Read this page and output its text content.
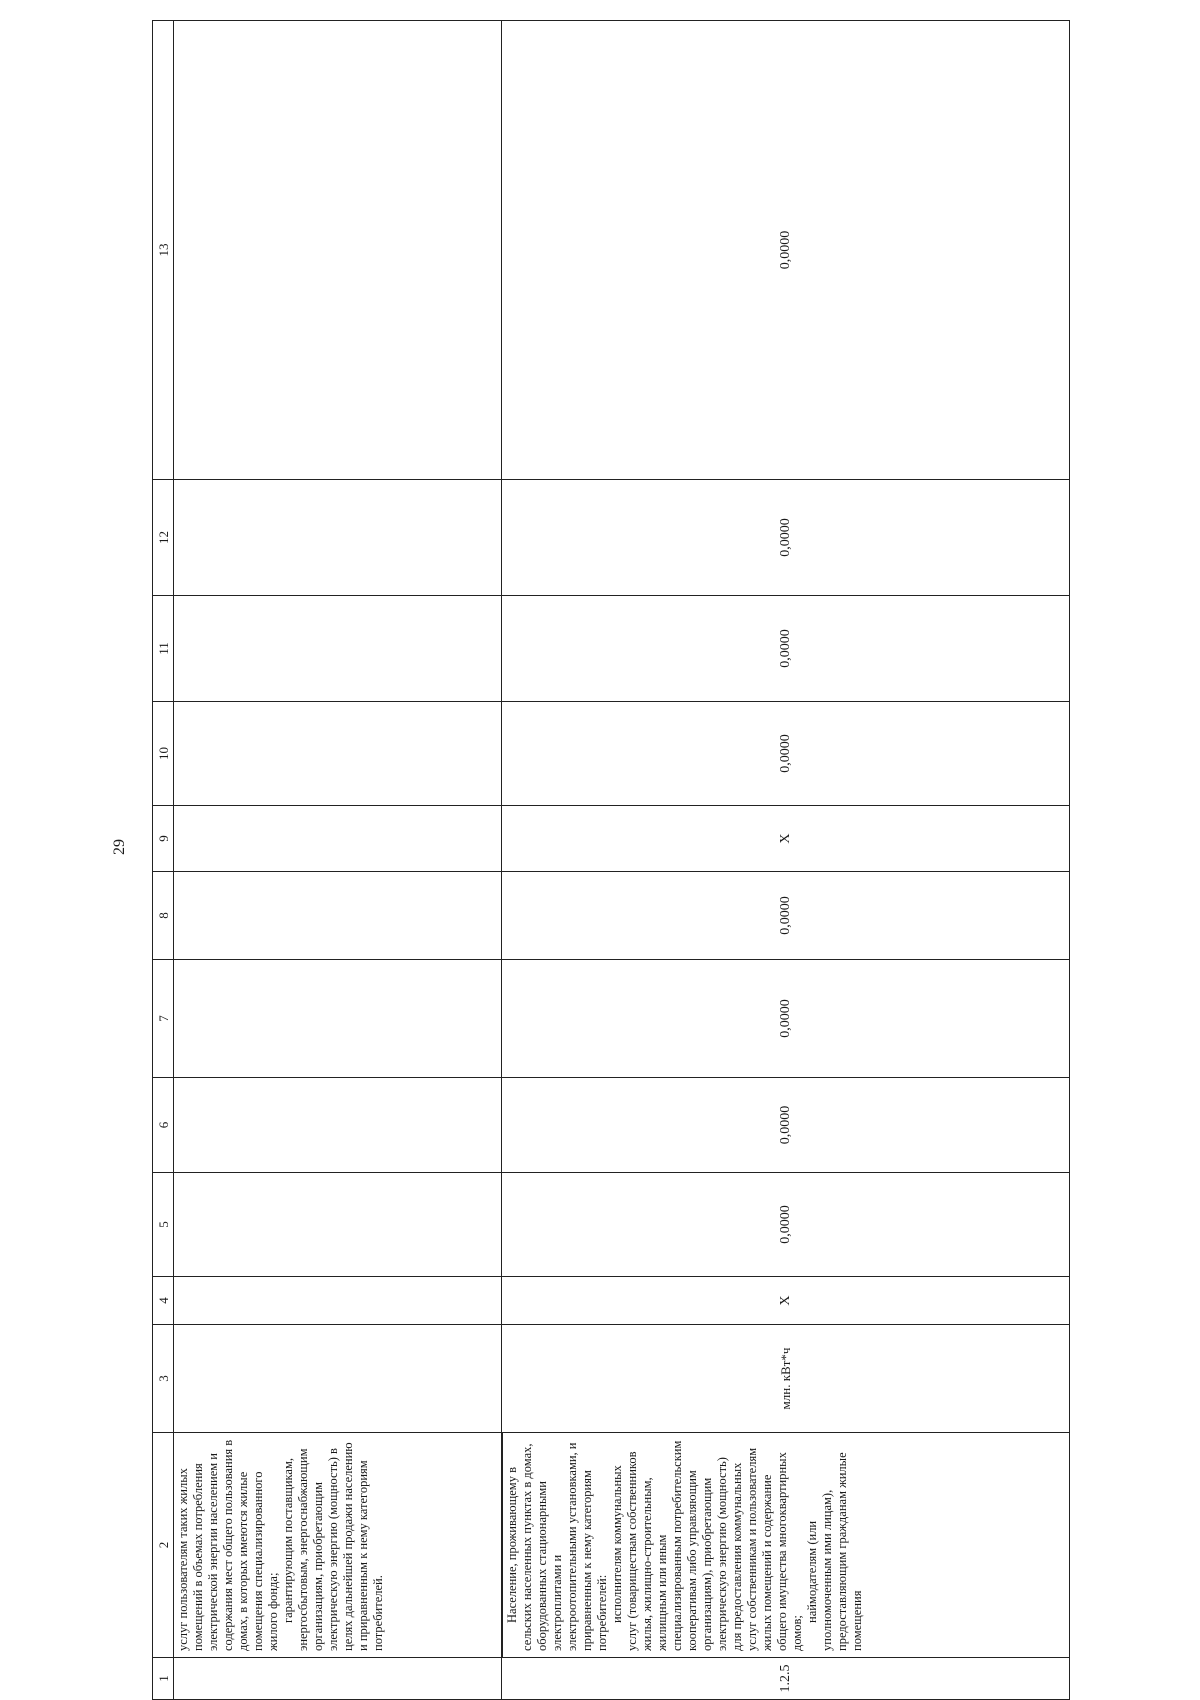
29
1	2	3	4	5	6	7	8	9	10	11	12	13

	услуг пользователям таких жилых помещений в объемах потребления электрической энергии населением и содержания мест общего пользования в домах, в которых имеются жилые помещения специализированного жилого фонда; гарантирующим поставщикам, энергосбытовым, энергоснабжающим организациям, приобретающим электрическую энергию (мощность) в целях дальнейшей продажи населению и приравненным к нему категориям потребителей.											

1.2.5	Население, проживающему в сельских населенных пунктах в домах, оборудованных стационарными электроплитами и электроотопительными установками, и приравненным к нему категориям потребителей: исполнителям коммунальных услуг (товариществам собственников жилья, жилищно-строительным, жилищным или иным специализированным потребительским кооперативам либо управляющим организациям), приобретающим электрическую энергию (мощность) для предоставления коммунальных услуг собственникам и пользователям жилых помещений и содержание общего имущества многоквартирных домов;

наймодателям (или уполномоченным ими лицам), предоставляющим гражданам жилые помещения	млн. кВт*ч	Х	0,0000	0,0000	0,0000	0,0000	Х	0,0000	0,0000	0,0000	0,0000
